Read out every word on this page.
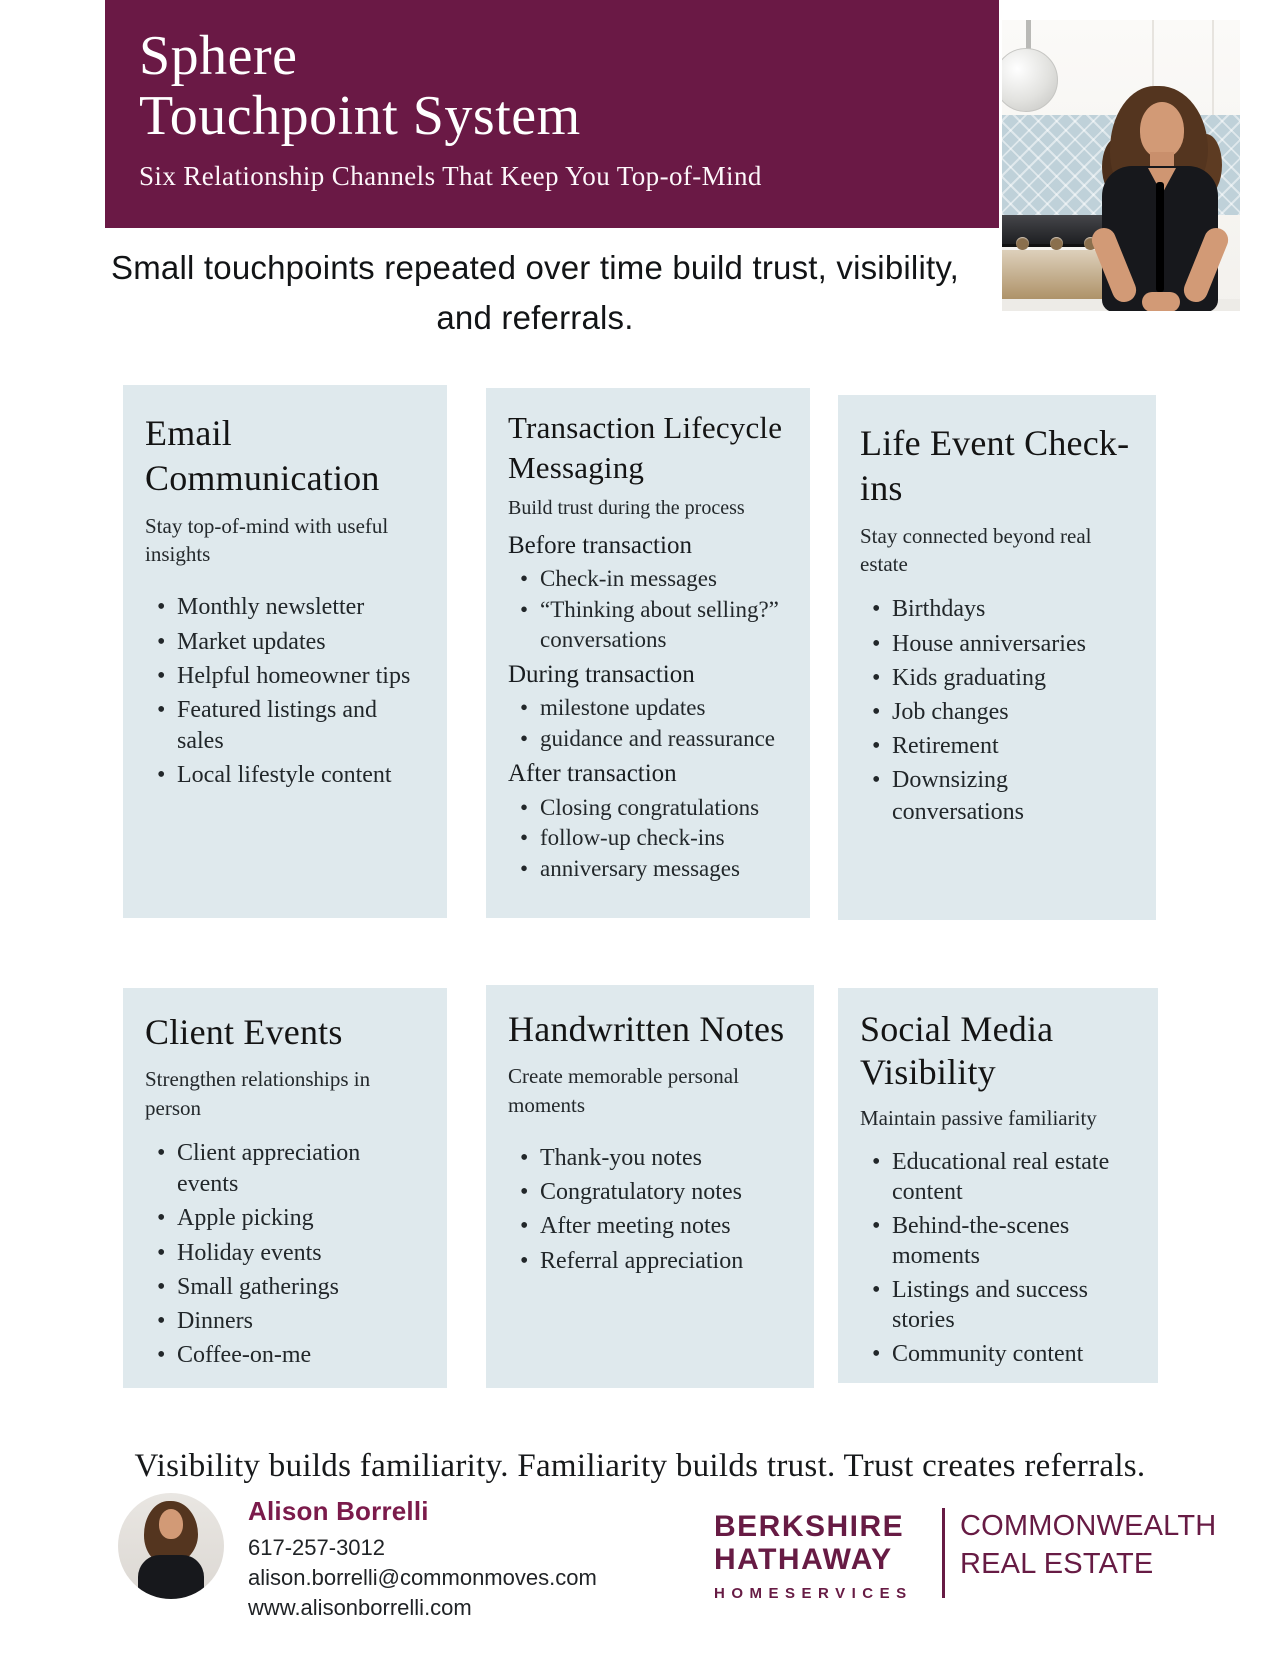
Sphere
Touchpoint System
Six Relationship Channels That Keep You Top-of-Mind
Small touchpoints repeated over time build trust, visibility, and referrals.
Email Communication

Stay top-of-mind with useful insights

• Monthly newsletter
• Market updates
• Helpful homeowner tips
• Featured listings and sales
• Local lifestyle content
Transaction Lifecycle Messaging

Build trust during the process

Before transaction
• Check-in messages
• “Thinking about selling?” conversations
During transaction
• milestone updates
• guidance and reassurance
After transaction
• Closing congratulations
• follow-up check-ins
• anniversary messages
Life Event Check-ins

Stay connected beyond real estate

• Birthdays
• House anniversaries
• Kids graduating
• Job changes
• Retirement
• Downsizing conversations
Client Events

Strengthen relationships in person

• Client appreciation events
• Apple picking
• Holiday events
• Small gatherings
• Dinners
• Coffee-on-me
Handwritten Notes

Create memorable personal moments

• Thank-you notes
• Congratulatory notes
• After meeting notes
• Referral appreciation
Social Media Visibility

Maintain passive familiarity

• Educational real estate content
• Behind-the-scenes moments
• Listings and success stories
• Community content
Visibility builds familiarity. Familiarity builds trust. Trust creates referrals.
Alison Borrelli
617-257-3012
alison.borrelli@commonmoves.com
www.alisonborrelli.com
BERKSHIRE
HATHAWAY
HOMESERVICES
COMMONWEALTH
REAL ESTATE
